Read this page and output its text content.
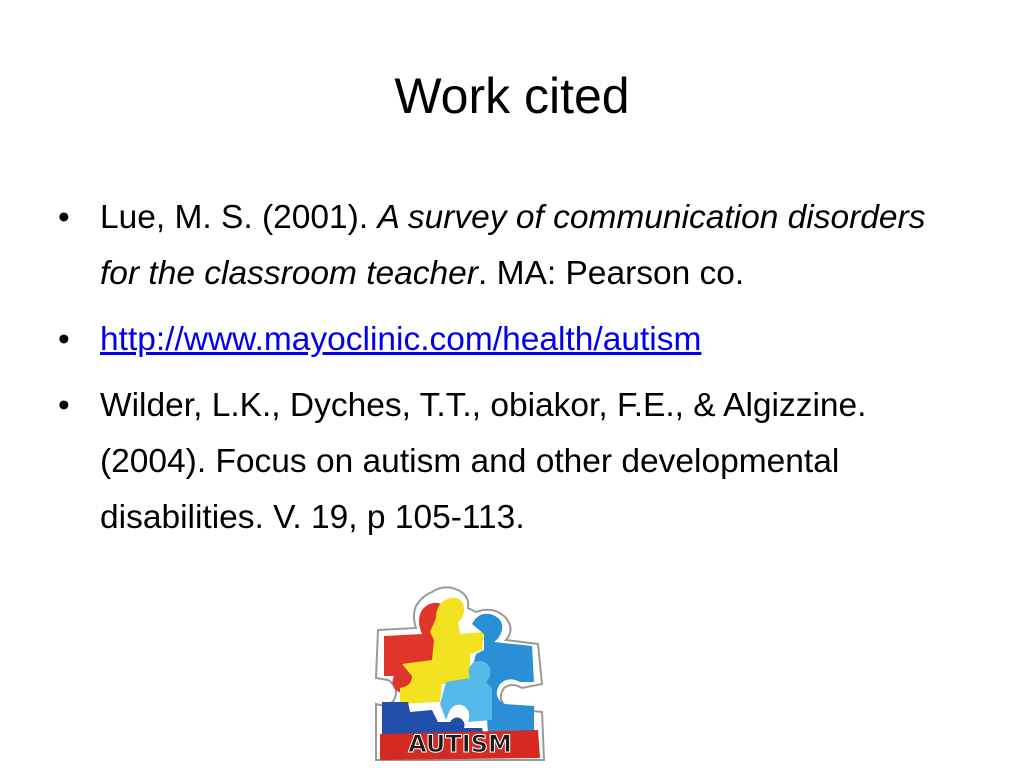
Work cited
• Lue, M. S. (2001). A survey of communication disorders for the classroom teacher. MA: Pearson co.
• http://www.mayoclinic.com/health/autism
• Wilder, L.K., Dyches, T.T., obiakor, F.E., & Algizzine. (2004). Focus on autism and other developmental disabilities. V. 19, p 105-113.
AUTISM
